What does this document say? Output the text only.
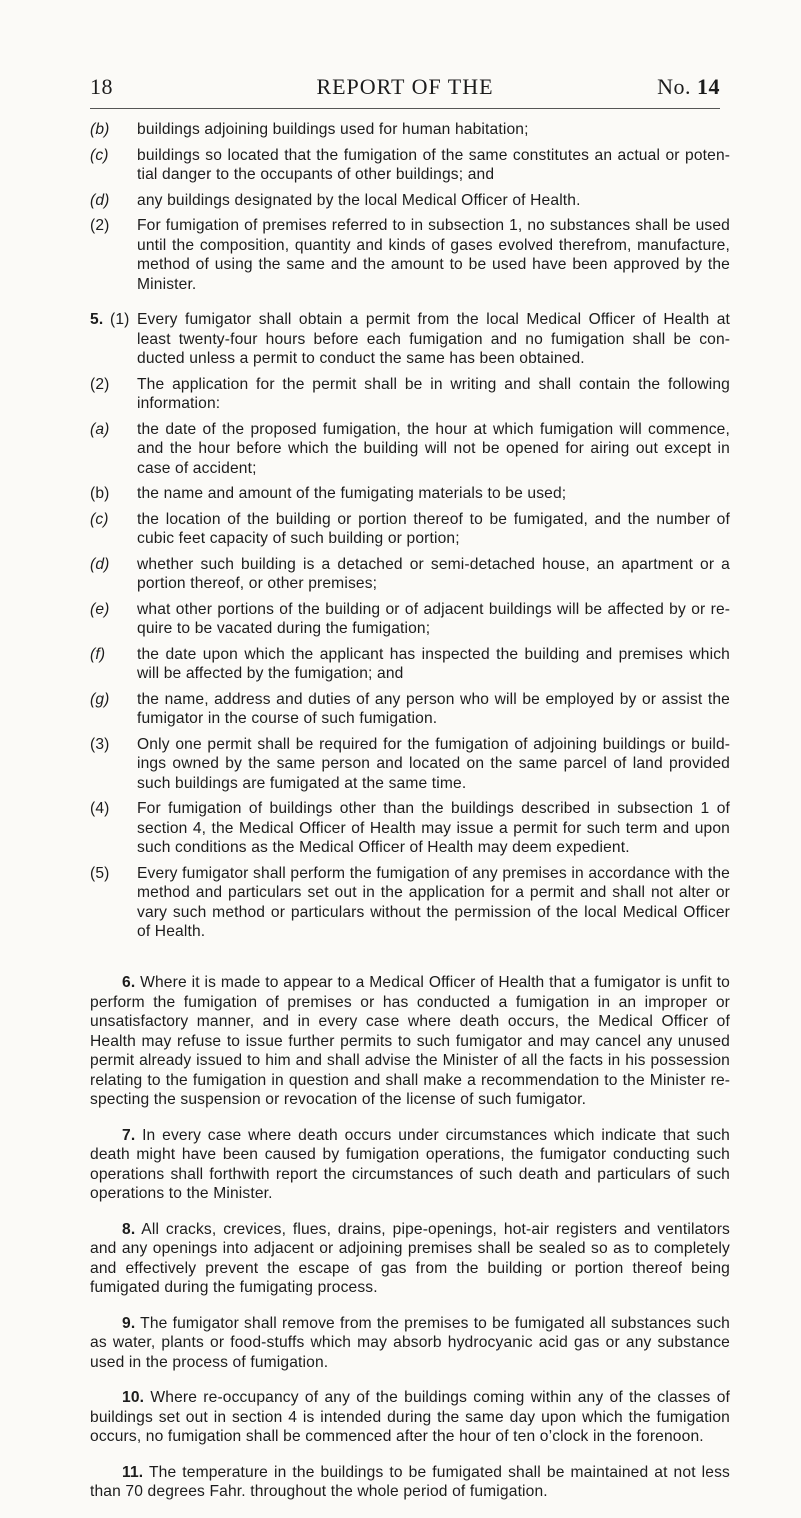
18	REPORT OF THE	No. 14
(b) buildings adjoining buildings used for human habitation;
(c) buildings so located that the fumigation of the same constitutes an actual or potential danger to the occupants of other buildings; and
(d) any buildings designated by the local Medical Officer of Health.
(2) For fumigation of premises referred to in subsection 1, no substances shall be used until the composition, quantity and kinds of gases evolved therefrom, manufacture, method of using the same and the amount to be used have been approved by the Minister.
5. (1) Every fumigator shall obtain a permit from the local Medical Officer of Health at least twenty-four hours before each fumigation and no fumigation shall be conducted unless a permit to conduct the same has been obtained.
(2) The application for the permit shall be in writing and shall contain the following information:
(a) the date of the proposed fumigation, the hour at which fumigation will commence, and the hour before which the building will not be opened for airing out except in case of accident;
(b) the name and amount of the fumigating materials to be used;
(c) the location of the building or portion thereof to be fumigated, and the number of cubic feet capacity of such building or portion;
(d) whether such building is a detached or semi-detached house, an apartment or a portion thereof, or other premises;
(e) what other portions of the building or of adjacent buildings will be affected by or require to be vacated during the fumigation;
(f) the date upon which the applicant has inspected the building and premises which will be affected by the fumigation; and
(g) the name, address and duties of any person who will be employed by or assist the fumigator in the course of such fumigation.
(3) Only one permit shall be required for the fumigation of adjoining buildings or buildings owned by the same person and located on the same parcel of land provided such buildings are fumigated at the same time.
(4) For fumigation of buildings other than the buildings described in subsection 1 of section 4, the Medical Officer of Health may issue a permit for such term and upon such conditions as the Medical Officer of Health may deem expedient.
(5) Every fumigator shall perform the fumigation of any premises in accordance with the method and particulars set out in the application for a permit and shall not alter or vary such method or particulars without the permission of the local Medical Officer of Health.

6. Where it is made to appear to a Medical Officer of Health that a fumigator is unfit to perform the fumigation of premises or has conducted a fumigation in an improper or unsatisfactory manner, and in every case where death occurs, the Medical Officer of Health may refuse to issue further permits to such fumigator and may cancel any unused permit already issued to him and shall advise the Minister of all the facts in his possession relating to the fumigation in question and shall make a recommendation to the Minister respecting the suspension or revocation of the license of such fumigator.

7. In every case where death occurs under circumstances which indicate that such death might have been caused by fumigation operations, the fumigator conducting such operations shall forthwith report the circumstances of such death and particulars of such operations to the Minister.

8. All cracks, crevices, flues, drains, pipe-openings, hot-air registers and ventilators and any openings into adjacent or adjoining premises shall be sealed so as to completely and effectively prevent the escape of gas from the building or portion thereof being fumigated during the fumigating process.

9. The fumigator shall remove from the premises to be fumigated all substances such as water, plants or food-stuffs which may absorb hydrocyanic acid gas or any substance used in the process of fumigation.

10. Where re-occupancy of any of the buildings coming within any of the classes of buildings set out in section 4 is intended during the same day upon which the fumigation occurs, no fumigation shall be commenced after the hour of ten o’clock in the forenoon.

11. The temperature in the buildings to be fumigated shall be maintained at not less than 70 degrees Fahr. throughout the whole period of fumigation.
